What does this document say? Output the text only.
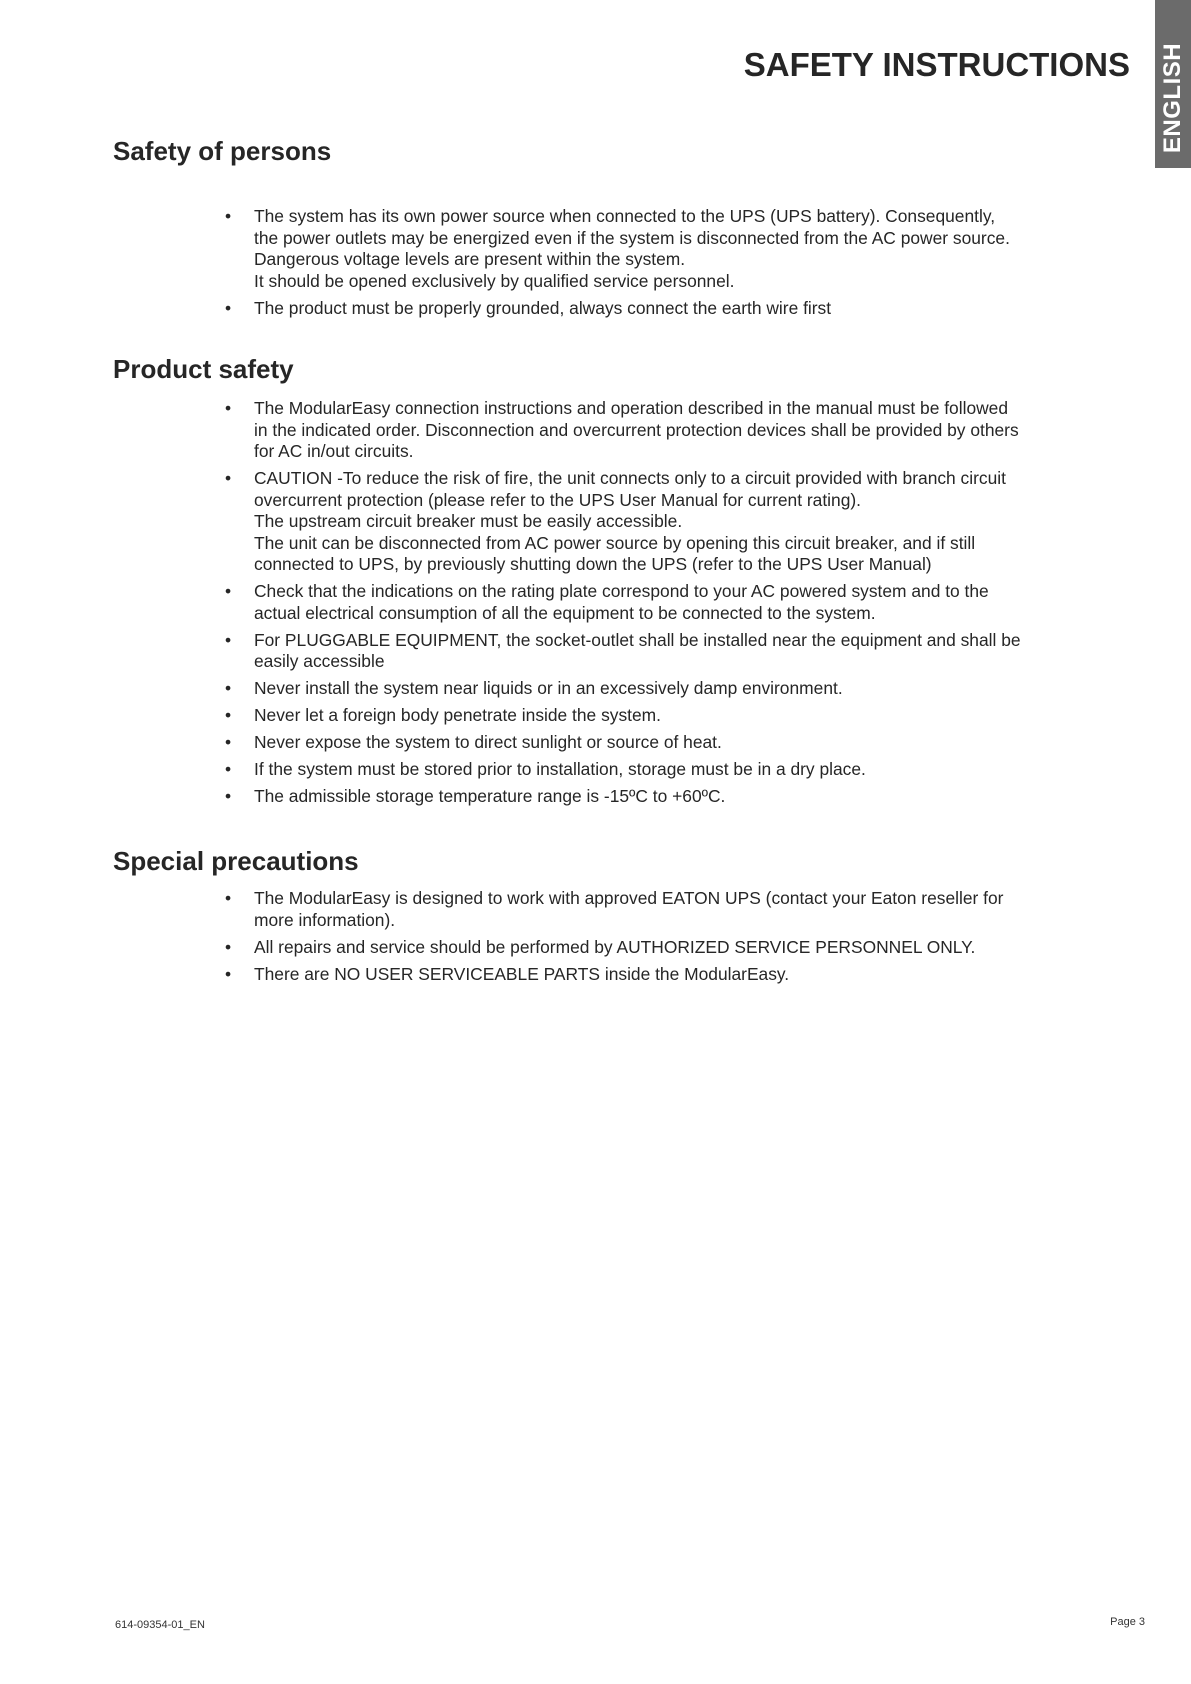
ENGLISH
SAFETY INSTRUCTIONS
Safety of persons
• The system has its own power source when connected to the UPS (UPS battery). Consequently,
the power outlets may be energized even if the system is disconnected from the AC power source.
Dangerous voltage levels are present within the system.
It should be opened exclusively by qualified service personnel.
• The product must be properly grounded, always connect the earth wire first
Product safety
• The ModularEasy connection instructions and operation described in the manual must be followed
in the indicated order. Disconnection and overcurrent protection devices shall be provided by others
for AC in/out circuits.
• CAUTION -To reduce the risk of fire, the unit connects only to a circuit provided with branch circuit
overcurrent protection (please refer to the UPS User Manual for current rating).
The upstream circuit breaker must be easily accessible.
The unit can be disconnected from AC power source by opening this circuit breaker, and if still
connected to UPS, by previously shutting down the UPS (refer to the UPS User Manual)
• Check that the indications on the rating plate correspond to your AC powered system and to the
actual electrical consumption of all the equipment to be connected to the system.
• For PLUGGABLE EQUIPMENT, the socket-outlet shall be installed near the equipment and shall be
easily accessible
• Never install the system near liquids or in an excessively damp environment.
• Never let a foreign body penetrate inside the system.
• Never expose the system to direct sunlight or source of heat.
• If the system must be stored prior to installation, storage must be in a dry place.
• The admissible storage temperature range is -15ºC to +60ºC.
Special precautions
• The ModularEasy is designed to work with approved EATON UPS (contact your Eaton reseller for
more information).
• All repairs and service should be performed by AUTHORIZED SERVICE PERSONNEL ONLY.
• There are NO USER SERVICEABLE PARTS inside the ModularEasy.
614-09354-01_EN	Page 3
